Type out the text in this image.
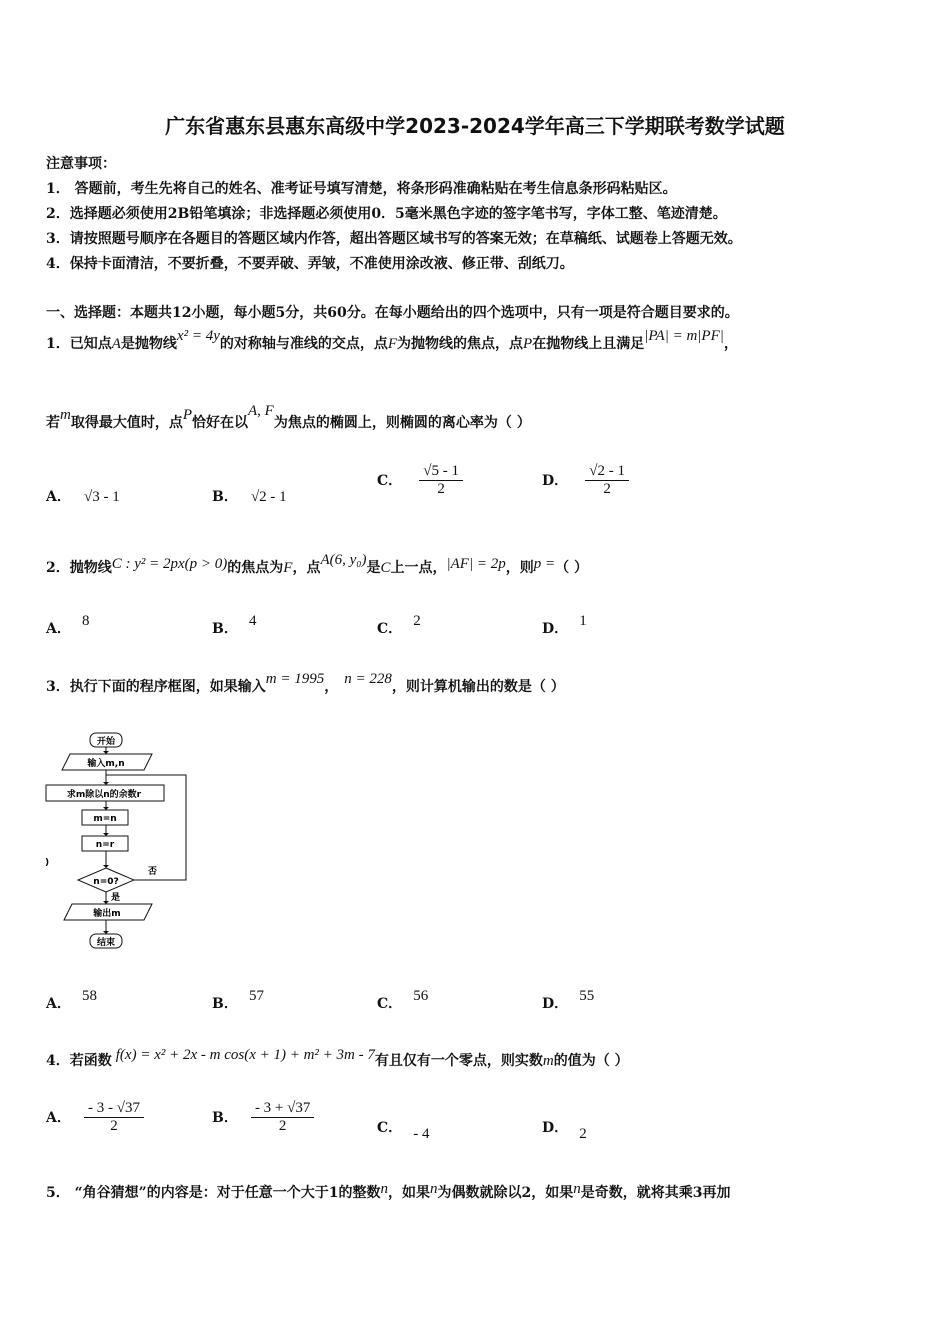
广东省惠东县惠东高级中学2023-2024学年高三下学期联考数学试题
注意事项：
1． 答题前，考生先将自己的姓名、准考证号填写清楚，将条形码准确粘贴在考生信息条形码粘贴区。
2．选择题必须使用2B铅笔填涂；非选择题必须使用0．5毫米黑色字迹的签字笔书写，字体工整、笔迹清楚。
3．请按照题号顺序在各题目的答题区域内作答，超出答题区域书写的答案无效；在草稿纸、试题卷上答题无效。
4．保持卡面清洁，不要折叠，不要弄破、弄皱，不准使用涂改液、修正带、刮纸刀。
一、选择题：本题共12小题，每小题5分，共60分。在每小题给出的四个选项中，只有一项是符合题目要求的。
1．已知点A是抛物线x² = 4y的对称轴与准线的交点，点F为抛物线的焦点，点P在抛物线上且满足|PA| = m|PF|，
若m取得最大值时，点P恰好在以A, F为焦点的椭圆上，则椭圆的离心率为（ ）
A． √3 - 1	B． √2 - 1
C． $\frac{√5 - 1}{2}$	D． $\frac{√2 - 1}{2}$
2．抛物线C : y² = 2px(p > 0)的焦点为F，点A(6, y₀)是C上一点，|AF| = 2p，则p =（ ）
A． 8	B． 4	C． 2	D． 1
3．执行下面的程序框图，如果输入m = 1995， n = 228，则计算机输出的数是（ ）
开始
输入m,n
求m除以n的余数r
m=n
n=r
n=0?
否
是
输出m
结束
)
A． 58	B． 57	C． 56	D． 55
4．若函数 f(x) = x² + 2x - m cos(x + 1) + m² + 3m - 7有且仅有一个零点，则实数m的值为（ ）
A． $\frac{- 3 - √37}{2}$	B． $\frac{- 3 + √37}{2}$	C． - 4	D． 2
5． “角谷猜想”的内容是：对于任意一个大于1的整数n，如果n为偶数就除以2，如果n是奇数，就将其乘3再加
